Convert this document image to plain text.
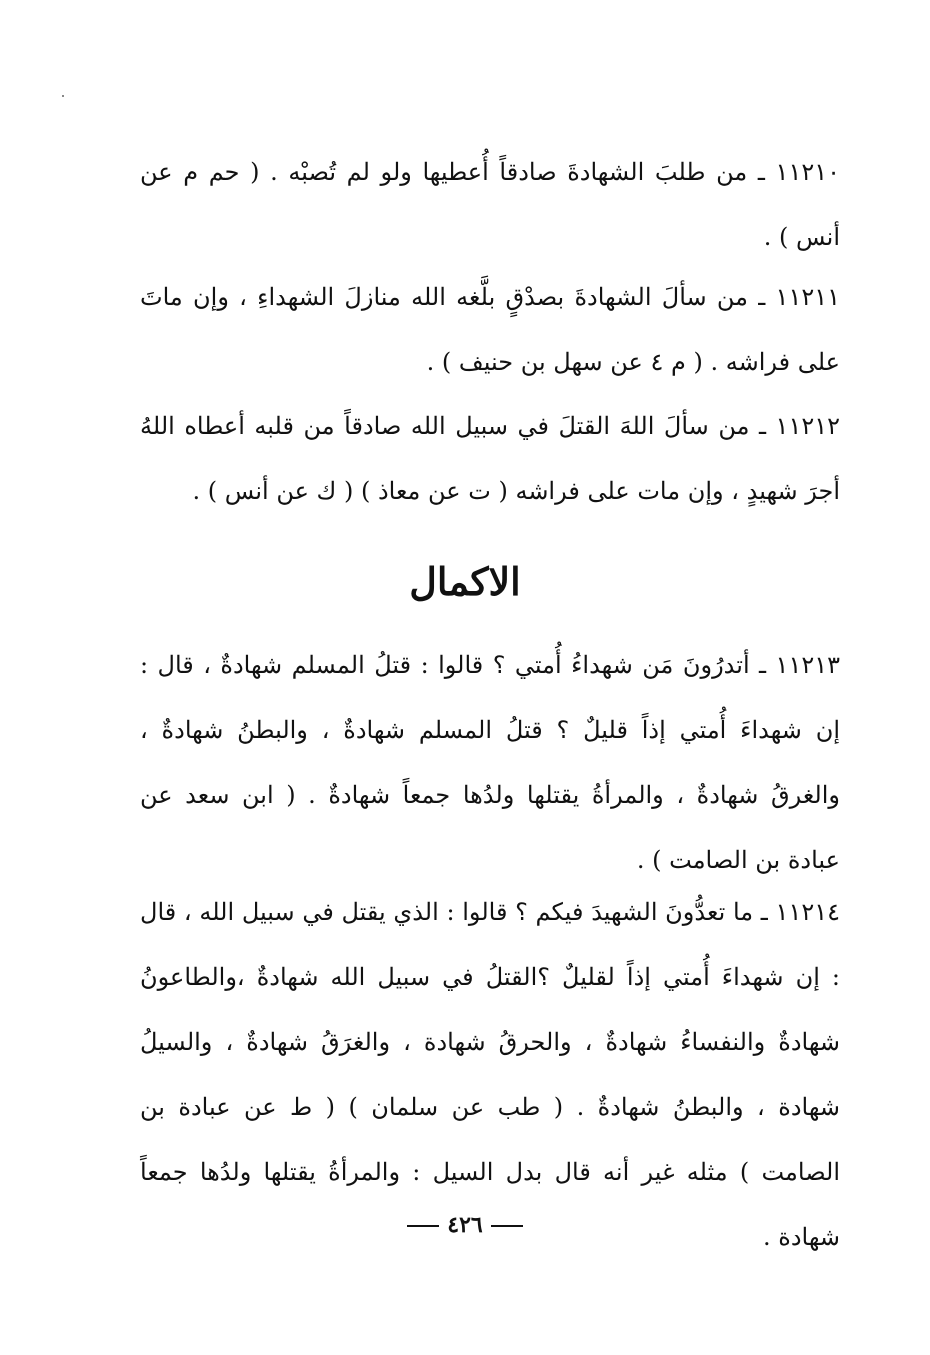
١١٢١٠ ـ من طلبَ الشهادةَ صادقاً أُعطيها ولو لم تُصبْه . ( حم م عن أنس ) .

١١٢١١ ـ من سألَ الشهادةَ بصدْقٍ بلَّغه الله منازلَ الشهداءِ ، وإن ماتَ على فراشه . ( م ٤ عن سهل بن حنيف ) .

١١٢١٢ ـ من سألَ اللهَ القتلَ في سبيل الله صادقاً من قلبه أعطاه اللهُ أجرَ شهيدٍ ، وإن مات على فراشه ( ت عن معاذ ) ( ك عن أنس ) .

الاكمال

١١٢١٣ ـ أتدرُونَ مَن شهداءُ أُمتي ؟ قالوا : قتلُ المسلم شهادةٌ ، قال : إن شهداءَ أُمتي إذاً قليلٌ ؟ قتلُ المسلم شهادةٌ ، والبطنُ شهادةٌ ، والغرقُ شهادةٌ ، والمرأةُ يقتلها ولدُها جمعاً شهادةٌ . ( ابن سعد عن عبادة بن الصامت ) .

١١٢١٤ ـ ما تعدُّونَ الشهيدَ فيكم ؟ قالوا : الذي يقتل في سبيل الله ، قال : إن شهداءَ أُمتي إذاً لقليلٌ ؟القتلُ في سبيل الله شهادةٌ ،والطاعونُ شهادةٌ والنفساءُ شهادةٌ ، والحرقُ شهادة ، والغرَقُ شهادةٌ ، والسيلُ شهادة ، والبطنُ شهادةٌ . ( طب عن سلمان ) ( ط عن عبادة بن الصامت ) مثله غير أنه قال بدل السيل : والمرأةُ يقتلها ولدُها جمعاً شهادة .

٤٢٦
